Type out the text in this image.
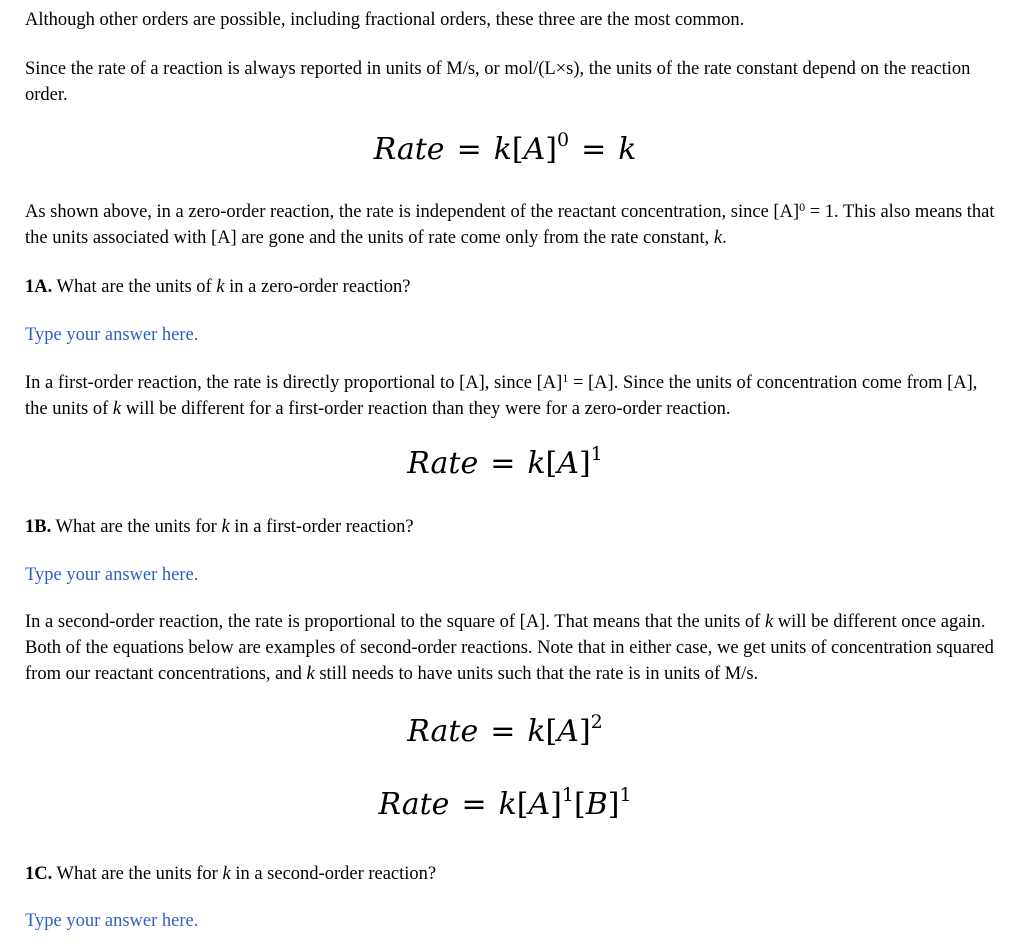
Although other orders are possible, including fractional orders, these three are the most common.

Since the rate of a reaction is always reported in units of M/s, or mol/(L×s), the units of the rate constant depend on the reaction order.

Rate = $k[A]^0 = k$

As shown above, in a zero-order reaction, the rate is independent of the reactant concentration, since $[A]^0 = 1$. This also means that the units associated with [A] are gone and the units of rate come only from the rate constant, k.

1A. What are the units of k in a zero-order reaction?

Type your answer here.

In a first-order reaction, the rate is directly proportional to [A], since $[A]^1 = [A]$. Since the units of concentration come from [A], the units of k will be different for a first-order reaction than they were for a zero-order reaction.

Rate = $k[A]^1$

1B. What are the units for k in a first-order reaction?

Type your answer here.

In a second-order reaction, the rate is proportional to the square of [A]. That means that the units of k will be different once again. Both of the equations below are examples of second-order reactions. Note that in either case, we get units of concentration squared from our reactant concentrations, and k still needs to have units such that the rate is in units of M/s.

Rate = $k[A]^2$
Rate = $k[A]^1[B]^1$

1C. What are the units for k in a second-order reaction?

Type your answer here.
